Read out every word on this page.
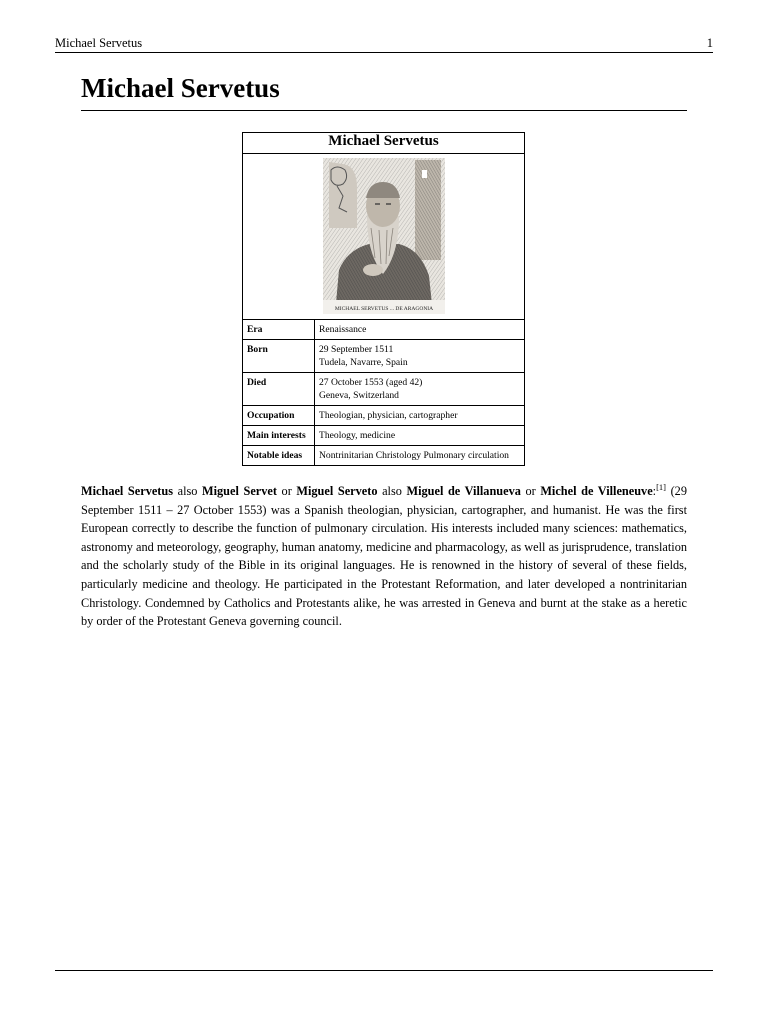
Michael Servetus	1
Michael Servetus
Michael Servetus	

MICHAEL SERVETUS ... DE ARAGONIA	

Era	Renaissance
Born	29 September 1511
Tudela, Navarre, Spain

Died	27 October 1553 (aged 42)
Geneva, Switzerland

Occupation	Theologian, physician, cartographer
Main interests	Theology, medicine
Notable ideas	Nontrinitarian Christology Pulmonary circulation

Michael Servetus also Miguel Servet or Miguel Serveto also Miguel de Villanueva or Michel de Villeneuve:[1] (29 September 1511 – 27 October 1553) was a Spanish theologian, physician, cartographer, and humanist. He was the first European correctly to describe the function of pulmonary circulation. His interests included many sciences: mathematics, astronomy and meteorology, geography, human anatomy, medicine and pharmacology, as well as jurisprudence, translation and the scholarly study of the Bible in its original languages. He is renowned in the history of several of these fields, particularly medicine and theology. He participated in the Protestant Reformation, and later developed a nontrinitarian Christology. Condemned by Catholics and Protestants alike, he was arrested in Geneva and burnt at the stake as a heretic by order of the Protestant Geneva governing council.
